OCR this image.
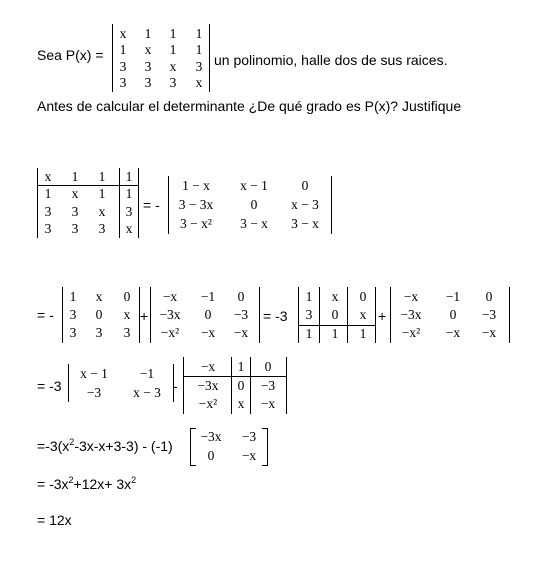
Sea P(x) =
x	1	1	1
1	x	1	1
3	3	x	3
3	3	3	x
un polinomio, halle dos de sus raices.
Antes de calcular el determinante ¿De qué grado es P(x)? Justifique
x	1	1	1
1	x	1	1
3	3	x	3
3	3	3	x
= -
1 − x	x − 1	0
3 − 3x	0	x − 3
3 − x²	3 − x	3 − x
= -
1	x	0
3	0	x
3	3	3
+
−x	−1	0
−3x	0	−3
−x²	−x	−x
= -3
1	x	0
3	0	x
1	1	1
+
−x	−1	0
−3x	0	−3
−x²	−x	−x
= -3
x − 1	−1
−3	x − 3 -
−x	1	0
−3x	0	−3
−x²	x	−x
$=-3(x^2-3x-x+3-3) - (-1)$
−3x	−3
0	−x
= $-3x^2+12x+ 3x^2$
= 12x
